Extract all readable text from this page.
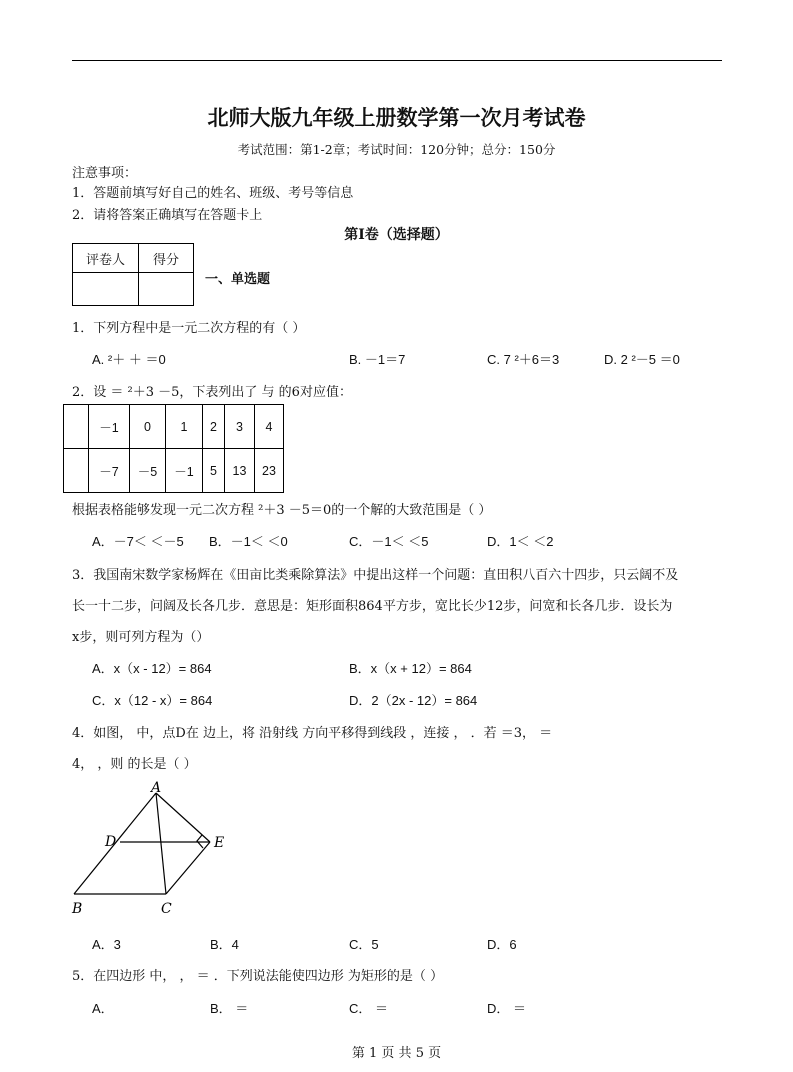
北师大版九年级上册数学第一次月考试卷
考试范围：第1-2章；考试时间：120分钟；总分：150分
注意事项：
1．答题前填写好自己的姓名、班级、考号等信息
2．请将答案正确填写在答题卡上
第I卷（选择题）
评卷人	得分

一、单选题
1．下列方程中是一元二次方程的有（ ）
A. ²＋ ＋ ＝0	B. －1＝7	C. 7 ²＋6＝3	D. 2 ²－5 ＝0
2．设 ＝ ²＋3 －5，下表列出了 与 的6对应值：
	－1	0	1	2	3	4
	－7	－5	－1	5	13	23
根据表格能够发现一元二次方程 ²＋3 －5＝0的一个解的大致范围是（ ）
A．－7＜ ＜－5 B．－1＜ ＜0	C．－1＜ ＜5	D．1＜ ＜2
3．我国南宋数学家杨辉在《田亩比类乘除算法》中提出这样一个问题：直田积八百六十四步，只云阔不及
长一十二步，问阔及长各几步．意思是：矩形面积864平方步，宽比长少12步，问宽和长各几步．设长为
x步，则可列方程为（）
A．x（x - 12）= 864	B．x（x + 12）= 864
C．x（12 - x）= 864	D．2（2x - 12）= 864
4．如图， 中，点D在 边上，将 沿射线 方向平移得到线段 ，连接 ， ．若 ＝3， ＝
4， ，则 的长是（ ）
A
D	E
B	C
A．3	B．4	C．5	D．6
5．在四边形 中， ， ＝ ．下列说法能使四边形 为矩形的是（ ）
A．	B． ＝	C． ＝	D． ＝
第 1 页 共 5 页
